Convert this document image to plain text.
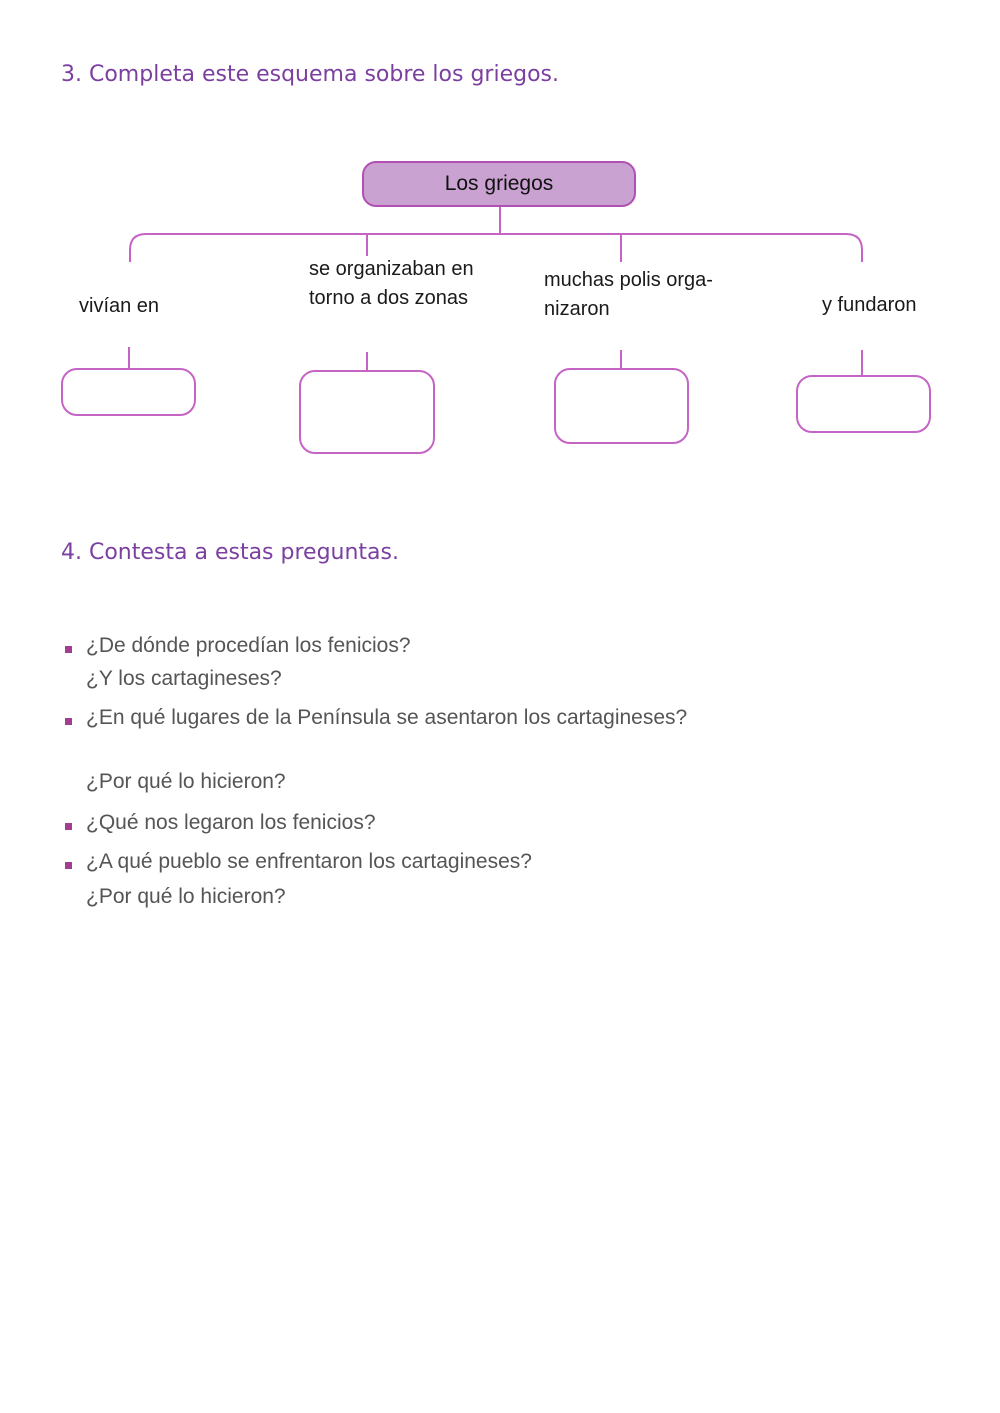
3. Completa este esquema sobre los griegos.
Los griegos
vivían en
se organizaban en torno a dos zonas
muchas polis orga- nizaron	y fundaron
4. Contesta a estas preguntas.
¿De dónde procedían los fenicios?
¿Y los cartagineses?
¿En qué lugares de la Península se asentaron los cartagineses?
¿Por qué lo hicieron?
¿Qué nos legaron los fenicios?
¿A qué pueblo se enfrentaron los cartagineses?
¿Por qué lo hicieron?
